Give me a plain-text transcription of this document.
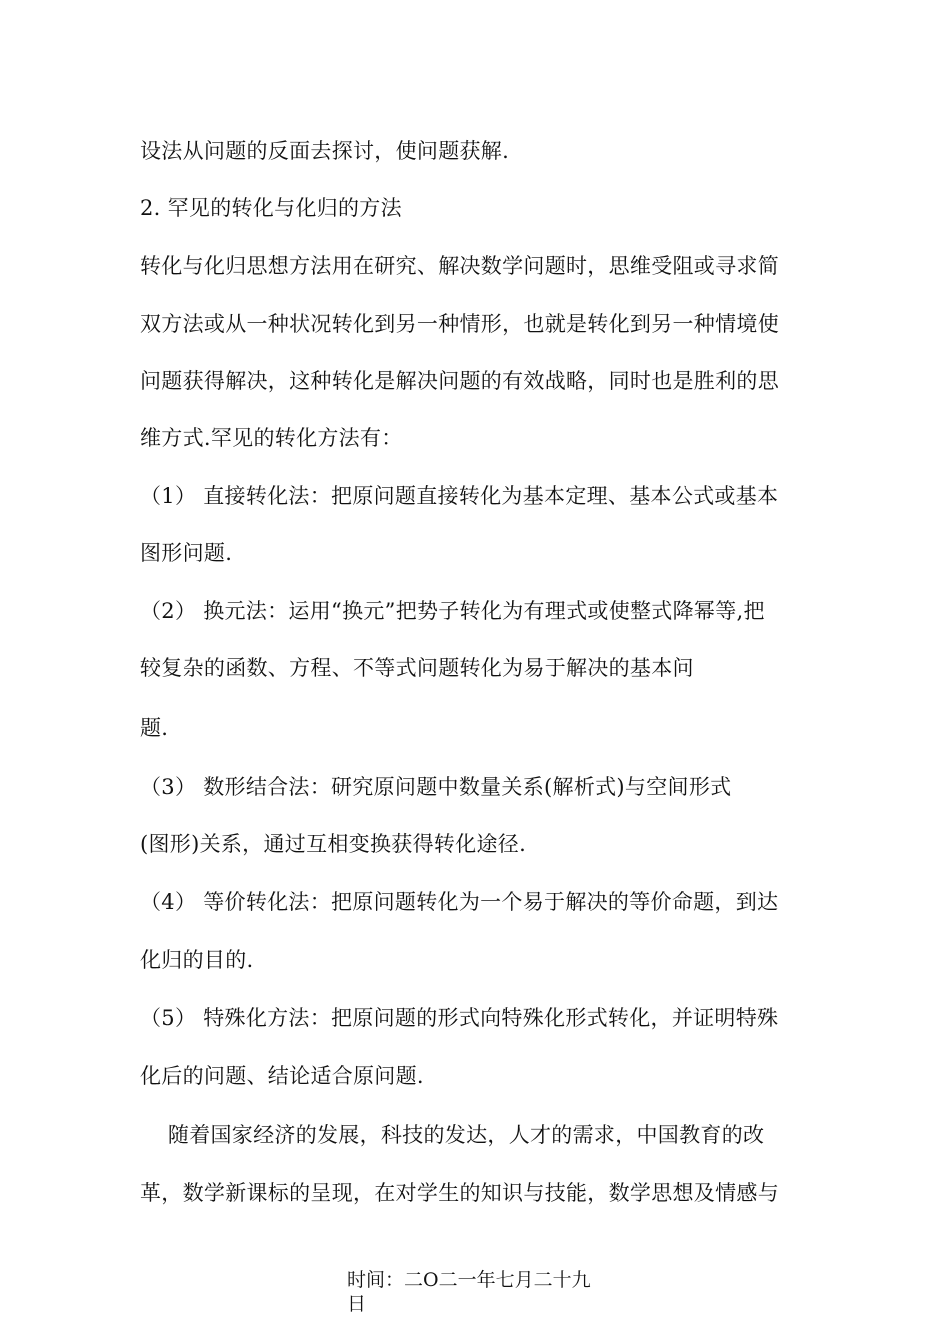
设法从问题的反面去探讨，使问题获解.
2. 罕见的转化与化归的方法
转化与化归思想方法用在研究、解决数学问题时，思维受阻或寻求简
双方法或从一种状况转化到另一种情形，也就是转化到另一种情境使
问题获得解决，这种转化是解决问题的有效战略，同时也是胜利的思
维方式.罕见的转化方法有：
（1） 直接转化法：把原问题直接转化为基本定理、基本公式或基本
图形问题.
（2） 换元法：运用“换元”把势子转化为有理式或使整式降幂等,把
较复杂的函数、方程、不等式问题转化为易于解决的基本问
题.
（3） 数形结合法：研究原问题中数量关系(解析式)与空间形式
(图形)关系，通过互相变换获得转化途径.
（4） 等价转化法：把原问题转化为一个易于解决的等价命题，到达
化归的目的.
（5） 特殊化方法：把原问题的形式向特殊化形式转化，并证明特殊
化后的问题、结论适合原问题.
随着国家经济的发展，科技的发达，人才的需求，中国教育的改
革，数学新课标的呈现，在对学生的知识与技能，数学思想及情感与
时间：二O二一年七月二十九
日
